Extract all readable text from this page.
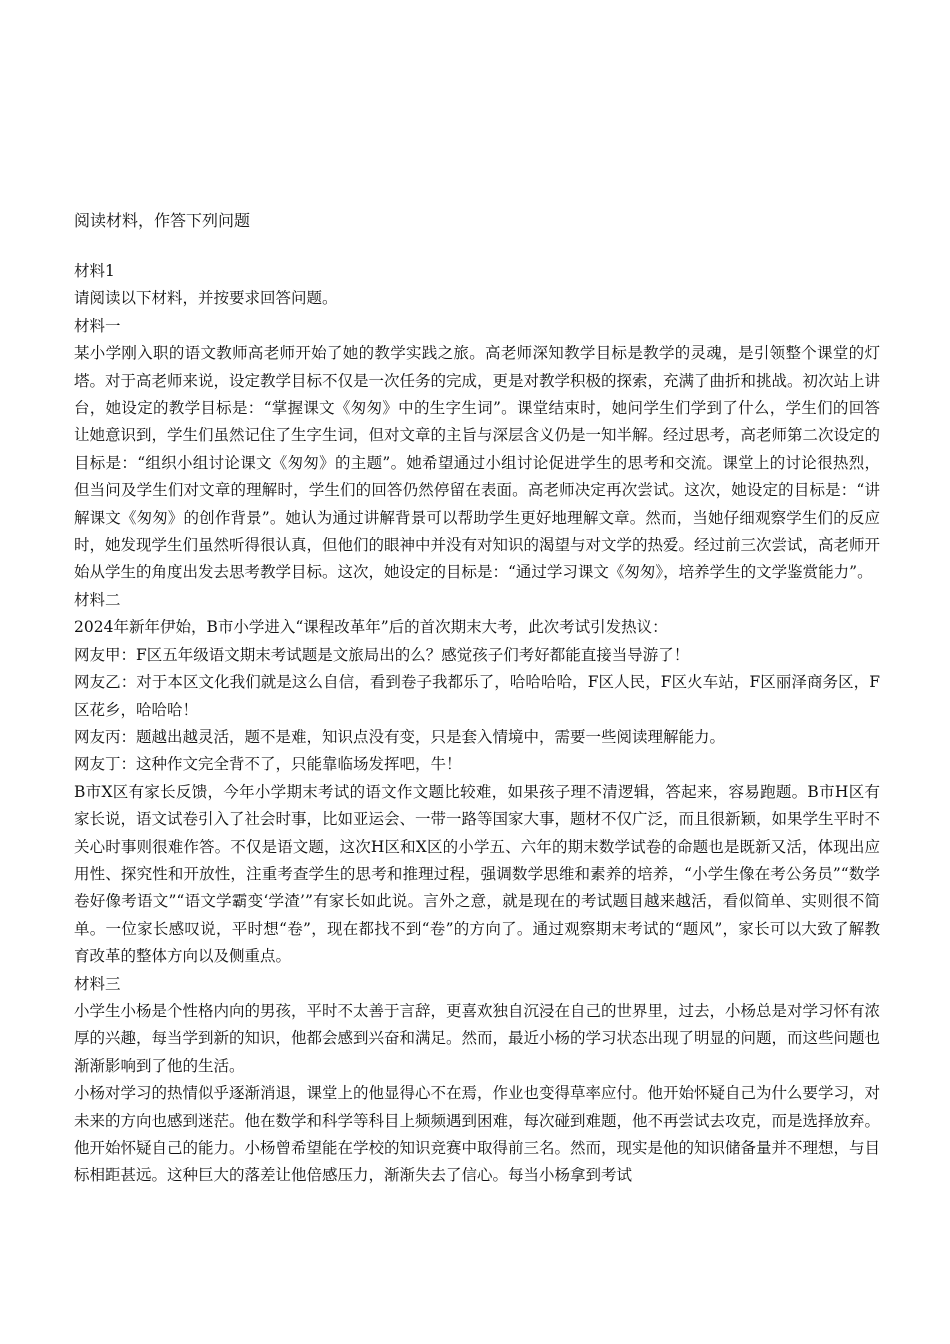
阅读材料，作答下列问题

材料1

请阅读以下材料，并按要求回答问题。

材料一

某小学刚入职的语文教师高老师开始了她的教学实践之旅。高老师深知教学目标是教学的灵魂，是引领整个课堂的灯塔。对于高老师来说，设定教学目标不仅是一次任务的完成，更是对教学积极的探索，充满了曲折和挑战。初次站上讲台，她设定的教学目标是：“掌握课文《匆匆》中的生字生词”。课堂结束时，她问学生们学到了什么，学生们的回答让她意识到，学生们虽然记住了生字生词，但对文章的主旨与深层含义仍是一知半解。经过思考，高老师第二次设定的目标是：“组织小组讨论课文《匆匆》的主题”。她希望通过小组讨论促进学生的思考和交流。课堂上的讨论很热烈，但当问及学生们对文章的理解时，学生们的回答仍然停留在表面。高老师决定再次尝试。这次，她设定的目标是：“讲解课文《匆匆》的创作背景”。她认为通过讲解背景可以帮助学生更好地理解文章。然而，当她仔细观察学生们的反应时，她发现学生们虽然听得很认真，但他们的眼神中并没有对知识的渴望与对文学的热爱。经过前三次尝试，高老师开始从学生的角度出发去思考教学目标。这次，她设定的目标是：“通过学习课文《匆匆》，培养学生的文学鉴赏能力”。

材料二

2024年新年伊始，B市小学进入“课程改革年”后的首次期末大考，此次考试引发热议：

网友甲：F区五年级语文期末考试题是文旅局出的么？感觉孩子们考好都能直接当导游了！

网友乙：对于本区文化我们就是这么自信，看到卷子我都乐了，哈哈哈哈，F区人民，F区火车站，F区丽泽商务区，F区花乡，哈哈哈！

网友丙：题越出越灵活，题不是难，知识点没有变，只是套入情境中，需要一些阅读理解能力。

网友丁：这种作文完全背不了，只能靠临场发挥吧，牛！

B市X区有家长反馈，今年小学期末考试的语文作文题比较难，如果孩子理不清逻辑，答起来，容易跑题。B市H区有家长说，语文试卷引入了社会时事，比如亚运会、一带一路等国家大事，题材不仅广泛，而且很新颖，如果学生平时不关心时事则很难作答。不仅是语文题，这次H区和X区的小学五、六年的期末数学试卷的命题也是既新又活，体现出应用性、探究性和开放性，注重考查学生的思考和推理过程，强调数学思维和素养的培养，“小学生像在考公务员”“数学卷好像考语文”“语文学霸变‘学渣’”有家长如此说。言外之意，就是现在的考试题目越来越活，看似简单、实则很不简单。一位家长感叹说，平时想“卷”，现在都找不到“卷”的方向了。通过观察期末考试的“题风”，家长可以大致了解教育改革的整体方向以及侧重点。

材料三

小学生小杨是个性格内向的男孩，平时不太善于言辞，更喜欢独自沉浸在自己的世界里，过去，小杨总是对学习怀有浓厚的兴趣，每当学到新的知识，他都会感到兴奋和满足。然而，最近小杨的学习状态出现了明显的问题，而这些问题也渐渐影响到了他的生活。

小杨对学习的热情似乎逐渐消退，课堂上的他显得心不在焉，作业也变得草率应付。他开始怀疑自己为什么要学习，对未来的方向也感到迷茫。他在数学和科学等科目上频频遇到困难，每次碰到难题，他不再尝试去攻克，而是选择放弃。他开始怀疑自己的能力。小杨曾希望能在学校的知识竞赛中取得前三名。然而，现实是他的知识储备量并不理想，与目标相距甚远。这种巨大的落差让他倍感压力，渐渐失去了信心。每当小杨拿到考试
